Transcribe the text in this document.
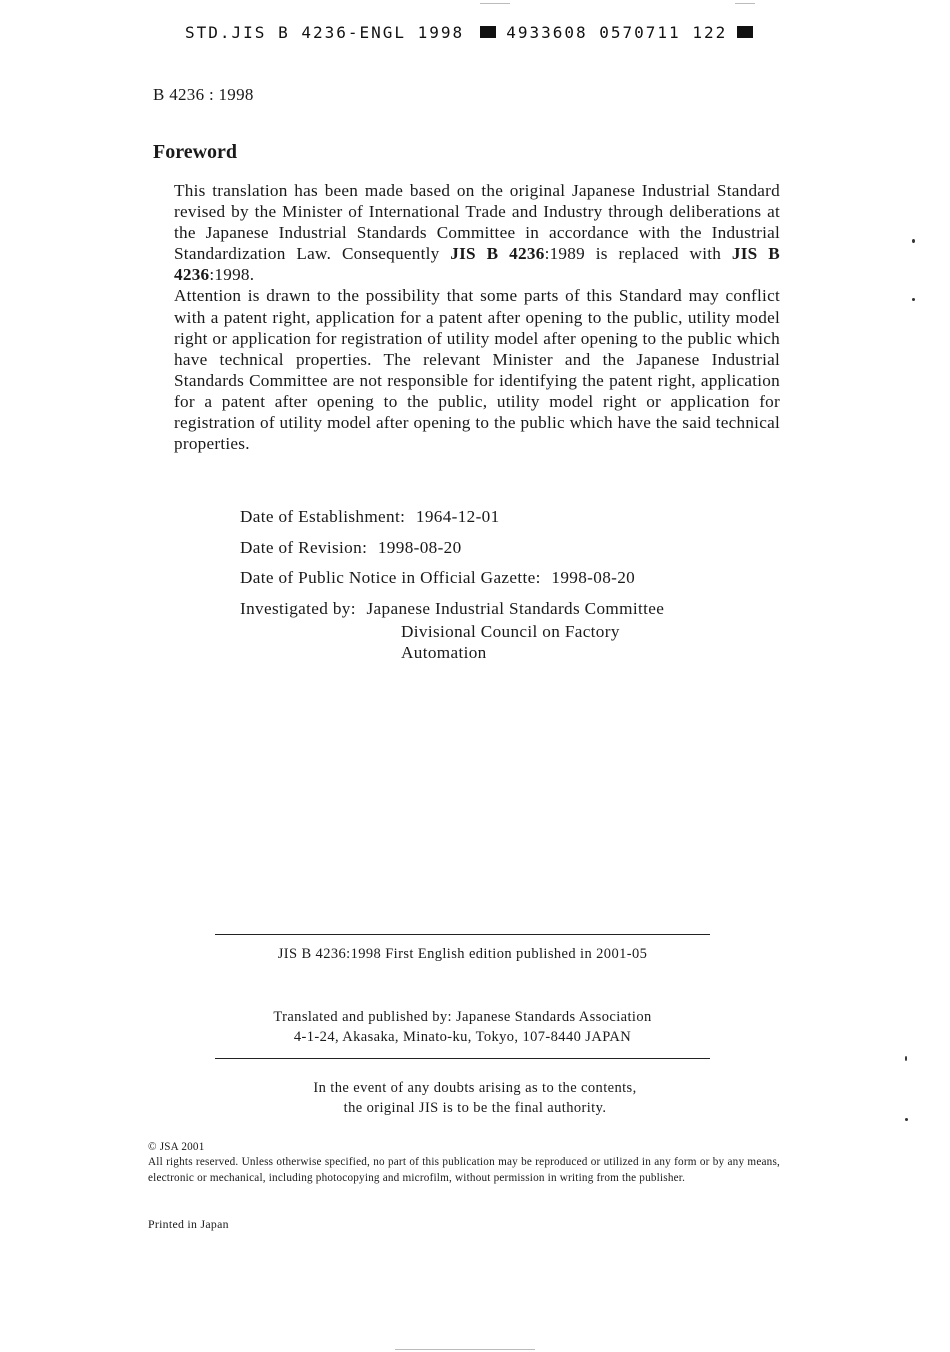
STD.JIS B 4236-ENGL 1998	4933608 0570711 122
B 4236 : 1998
Foreword

This translation has been made based on the original Japanese Industrial Standard revised by the Minister of International Trade and Industry through deliberations at the Japanese Industrial Standards Committee in accordance with the Industrial Standardization Law. Consequently JIS B 4236:1989 is replaced with JIS B 4236:1998.

Attention is drawn to the possibility that some parts of this Standard may conflict with a patent right, application for a patent after opening to the public, utility model right or application for registration of utility model after opening to the public which have technical properties. The relevant Minister and the Japanese Industrial Standards Committee are not responsible for identifying the patent right, application for a patent after opening to the public, utility model right or application for registration of utility model after opening to the public which have the said technical properties.

Date of Establishment: 1964-12-01
Date of Revision: 1998-08-20
Date of Public Notice in Official Gazette: 1998-08-20
Investigated by: Japanese Industrial Standards Committee
Divisional Council on Factory
Automation
JIS B 4236:1998 First English edition published in 2001-05
Translated and published by: Japanese Standards Association
4-1-24, Akasaka, Minato-ku, Tokyo, 107-8440 JAPAN
In the event of any doubts arising as to the contents,
the original JIS is to be the final authority.

© JSA 2001

All rights reserved. Unless otherwise specified, no part of this publication may be reproduced or utilized in any form or by any means, electronic or mechanical, including photocopying and microfilm, without permission in writing from the publisher.

Printed in Japan
